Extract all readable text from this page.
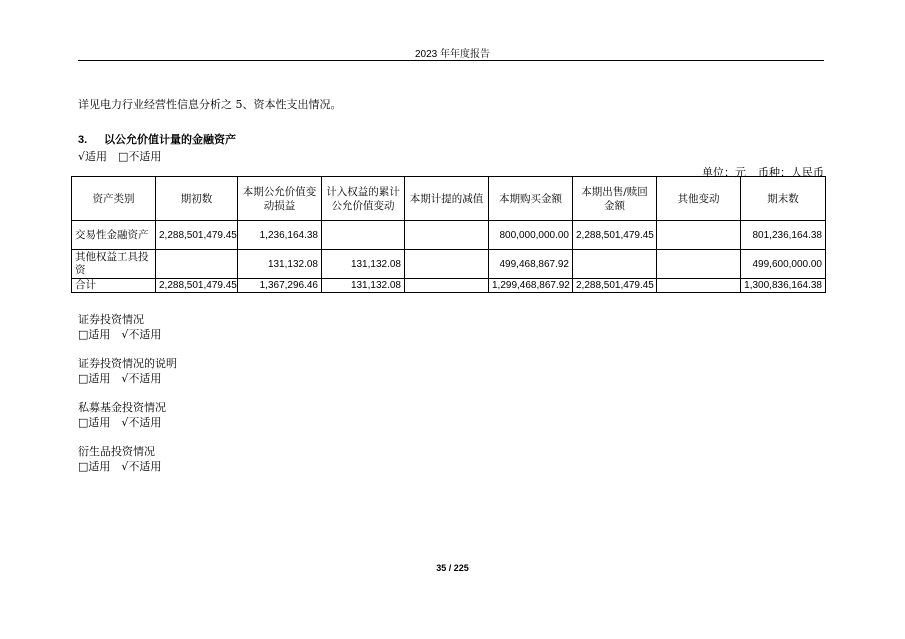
2023 年年度报告
详见电力行业经营性信息分析之 5、资本性支出情况。
3. 以公允价值计量的金融资产
√适用　□不适用
单位：元 币种：人民币
资产类别	期初数	本期公允价值变动损益	计入权益的累计公允价值变动	本期计提的减值	本期购买金额	本期出售/赎回金额	其他变动	期末数
交易性金融资产	2,288,501,479.45	1,236,164.38			800,000,000.00	2,288,501,479.45		801,236,164.38
其他权益工具投资		131,132.08	131,132.08		499,468,867.92			499,600,000.00
合计	2,288,501,479.45	1,367,296.46	131,132.08		1,299,468,867.92	2,288,501,479.45		1,300,836,164.38
证券投资情况
□适用　√不适用
证券投资情况的说明
□适用　√不适用
私募基金投资情况
□适用　√不适用
衍生品投资情况
□适用　√不适用
35 / 225
